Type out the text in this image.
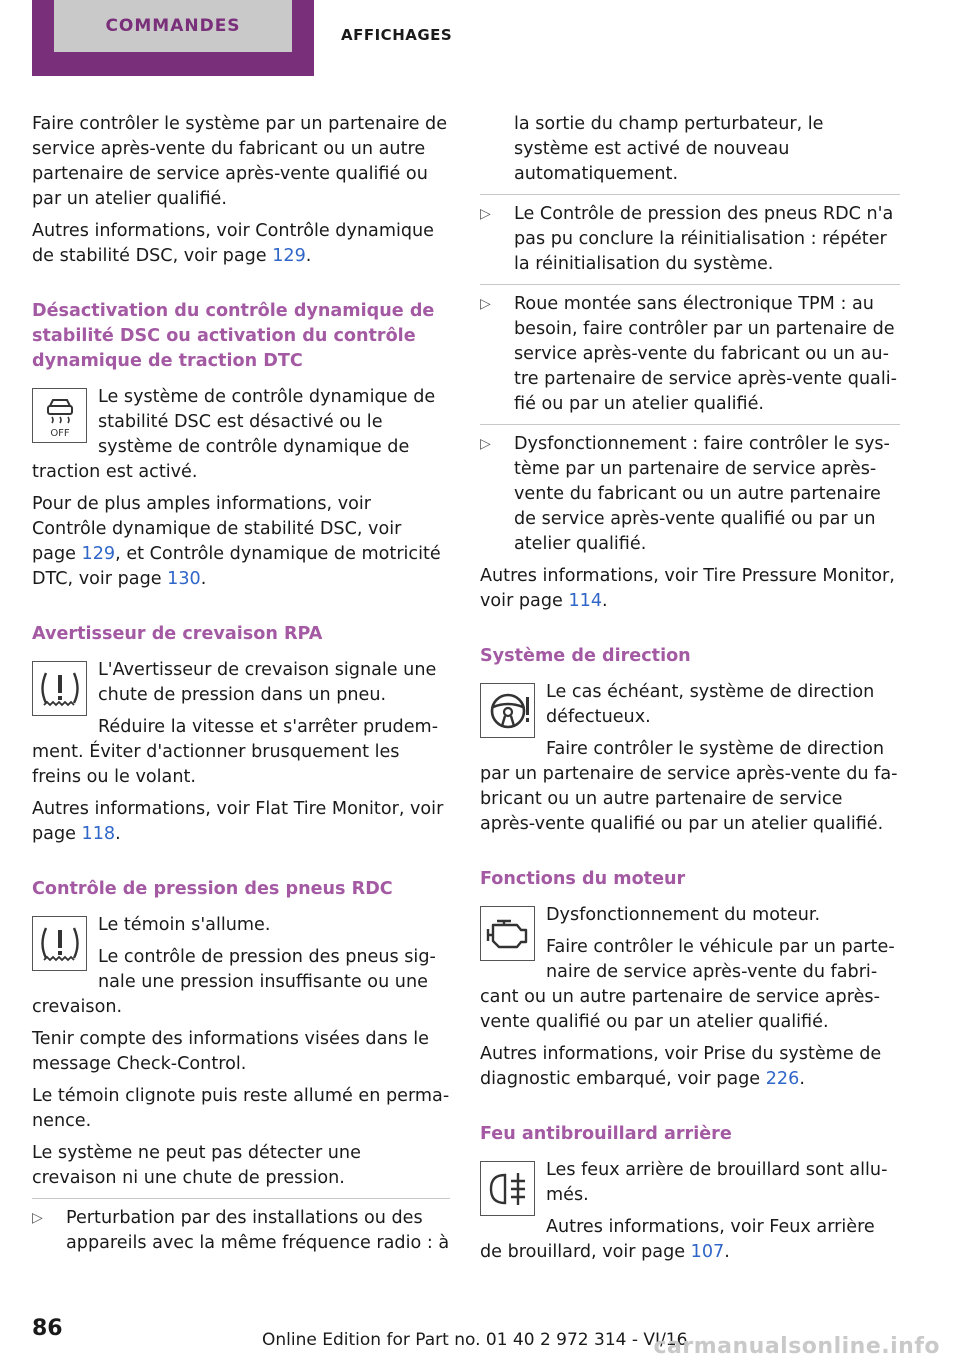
COMMANDES	AFFICHAGES

Faire contrôler le système par un partenaire de service après-vente du fabricant ou un autre partenaire de service après-vente qualifié ou par un atelier qualifié.

Autres informations, voir Contrôle dynamique de stabilité DSC, voir page 129.

Désactivation du contrôle dynamique de stabilité DSC ou activation du contrôle dynamique de traction DTC
OFF

Le système de contrôle dynamique de stabilité DSC est désactivé ou le système de contrôle dynamique de traction est activé.

Pour de plus amples informations, voir Contrôle dynamique de stabilité DSC, voir page 129, et Contrôle dynamique de motricité DTC, voir page 130.

Avertisseur de crevaison RPA

L'Avertisseur de crevaison signale une chute de pression dans un pneu.

Réduire la vitesse et s'arrêter prudemment. Éviter d'actionner brusquement les freins ou le volant.

Autres informations, voir Flat Tire Monitor, voir page 118.

Contrôle de pression des pneus RDC

Le témoin s'allume.

Le contrôle de pression des pneus signale une pression insuffisante ou une crevaison.

Tenir compte des informations visées dans le message Check-Control.

Le témoin clignote puis reste allumé en permanence.

Le système ne peut pas détecter une crevaison ni une chute de pression.

▷ Perturbation par des installations ou des appareils avec la même fréquence radio : à
la sortie du champ perturbateur, le système est activé de nouveau automatiquement.
▷ Le Contrôle de pression des pneus RDC n'a pas pu conclure la réinitialisation : répéter la réinitialisation du système.
▷ Roue montée sans électronique TPM : au besoin, faire contrôler par un partenaire de service après-vente du fabricant ou un autre partenaire de service après-vente qualifié ou par un atelier qualifié.
▷ Dysfonctionnement : faire contrôler le système par un partenaire de service après-vente du fabricant ou un autre partenaire de service après-vente qualifié ou par un atelier qualifié.

Autres informations, voir Tire Pressure Monitor, voir page 114.

Système de direction

Le cas échéant, système de direction défectueux.

Faire contrôler le système de direction par un partenaire de service après-vente du fabricant ou un autre partenaire de service après-vente qualifié ou par un atelier qualifié.

Fonctions du moteur

Dysfonctionnement du moteur.

Faire contrôler le véhicule par un partenaire de service après-vente du fabricant ou un autre partenaire de service après-vente qualifié ou par un atelier qualifié.

Autres informations, voir Prise du système de diagnostic embarqué, voir page 226.

Feu antibrouillard arrière

Les feux arrière de brouillard sont allumés.

Autres informations, voir Feux arrière de brouillard, voir page 107.

86	Online Edition for Part no. 01 40 2 972 314 - VI/16
carmanualsonline.info
